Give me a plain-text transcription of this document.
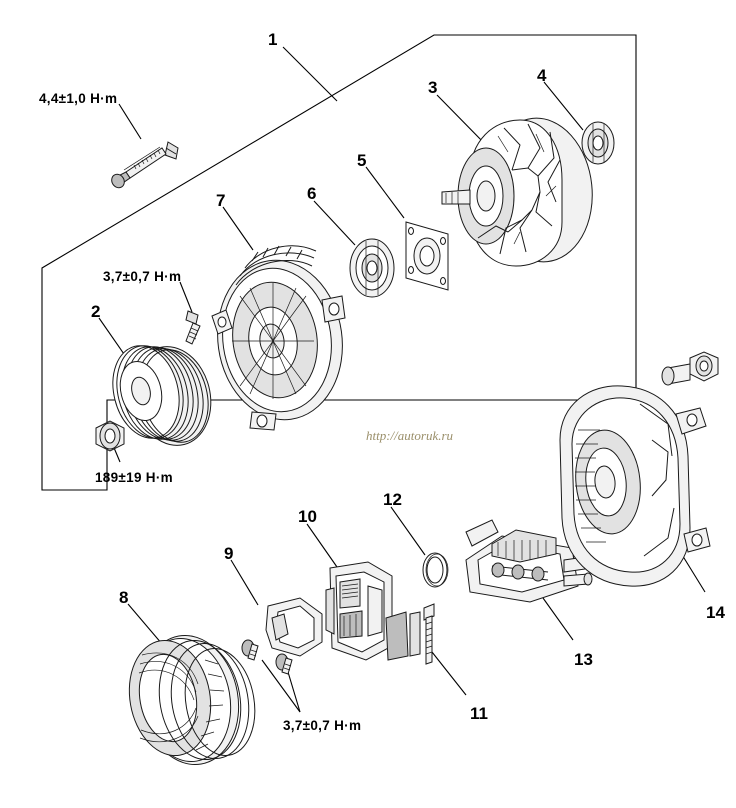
1
2
3
4
5
6
7
8
9
10
11
12
13
14
4,4±1,0 H·m
3,7±0,7 H·m
189±19 H·m
3,7±0,7 H·m
http://autoruk.ru
